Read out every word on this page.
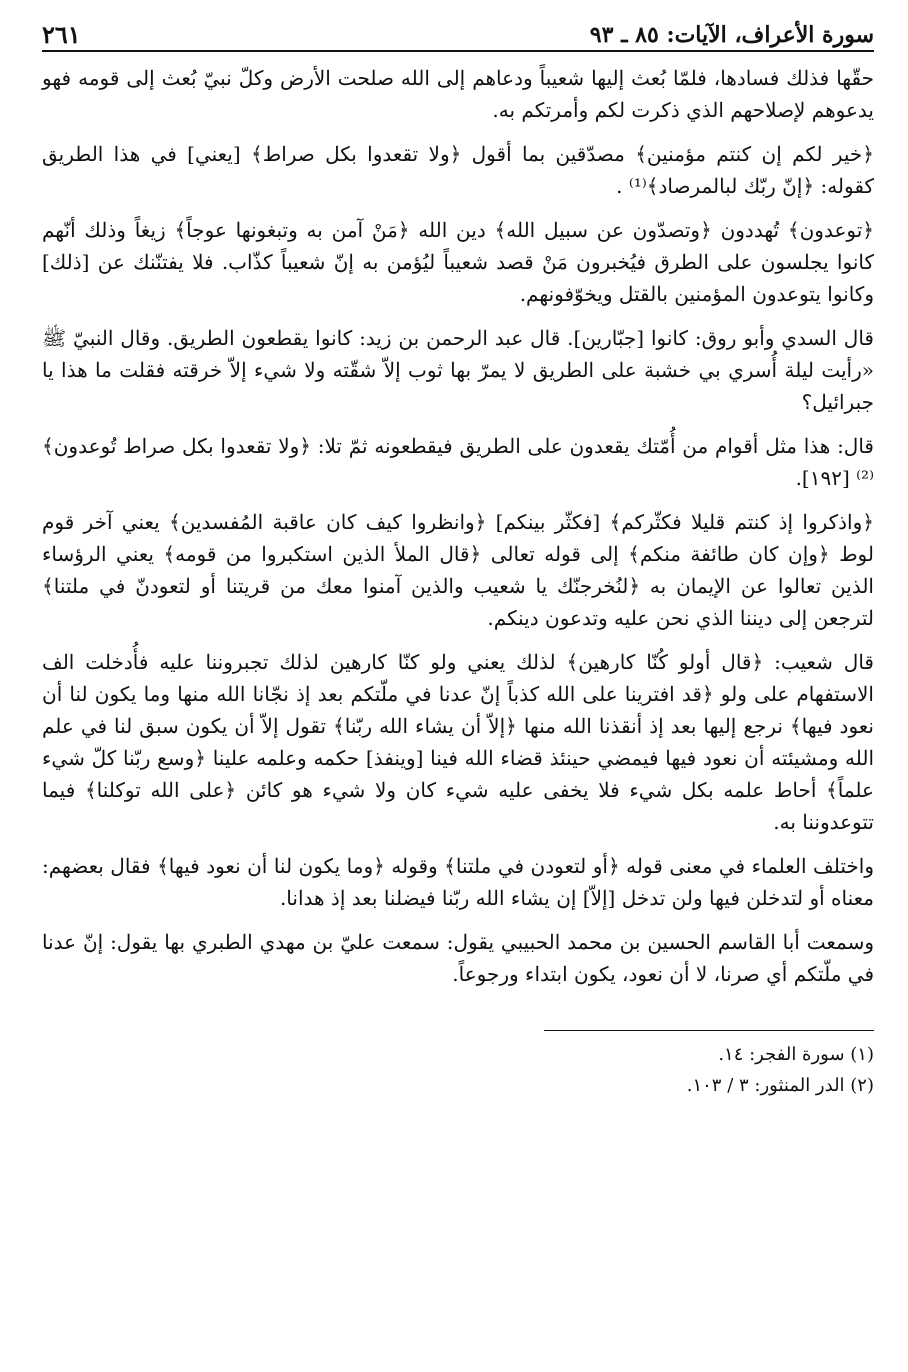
سورة الأعراف، الآيات: ٨٥ ـ ٩٣
٢٦١

حقّها فذلك فسادها، فلمّا بُعث إليها شعيباً ودعاهم إلى الله صلحت الأرض وكلّ نبيّ بُعث إلى قومه فهو يدعوهم لإصلاحهم الذي ذكرت لكم وأمرتكم به.

﴿خير لكم إن كنتم مؤمنين﴾ مصدّقين بما أقول ﴿ولا تقعدوا بكل صراط﴾ [يعني] في هذا الطريق كقوله: ﴿إنّ ربّك لبالمرصاد﴾⁽¹⁾ .

﴿توعدون﴾ تُهددون ﴿وتصدّون عن سبيل الله﴾ دين الله ﴿مَنْ آمن به وتبغونها عوجاً﴾ زيغاً وذلك أنّهم كانوا يجلسون على الطرق فيُخبرون مَنْ قصد شعيباً ليُؤمن به إنّ شعيباً كذّاب. فلا يفتنّنك عن [ذلك] وكانوا يتوعدون المؤمنين بالقتل ويخوّفونهم.

قال السدي وأبو روق: كانوا [جبّارين]. قال عبد الرحمن بن زيد: كانوا يقطعون الطريق. وقال النبيّ ﷺ «رأيت ليلة أُسري بي خشبة على الطريق لا يمرّ بها ثوب إلاّ شقّته ولا شيء إلاّ خرقته فقلت ما هذا يا جبرائيل؟

قال: هذا مثل أقوام من أُمّتك يقعدون على الطريق فيقطعونه ثمّ تلا: ﴿ولا تقعدوا بكل صراط تُوعدون﴾⁽²⁾ [١٩٢].

﴿واذكروا إذ كنتم قليلا فكثّركم﴾ [فكثّر بينكم] ﴿وانظروا كيف كان عاقبة المُفسدين﴾ يعني آخر قوم لوط ﴿وإن كان طائفة منكم﴾ إلى قوله تعالى ﴿قال الملأ الذين استكبروا من قومه﴾ يعني الرؤساء الذين تعالوا عن الإيمان به ﴿لنُخرجنّك يا شعيب والذين آمنوا معك من قريتنا أو لتعودنّ في ملتنا﴾ لترجعن إلى ديننا الذي نحن عليه وتدعون دينكم.

قال شعيب: ﴿قال أولو كُنّا كارهين﴾ لذلك يعني ولو كنّا كارهين لذلك تجبروننا عليه فأُدخلت الف الاستفهام على ولو ﴿قد افترينا على الله كذباً إنّ عدنا في ملّتكم بعد إذ نجّانا الله منها وما يكون لنا أن نعود فيها﴾ نرجع إليها بعد إذ أنقذنا الله منها ﴿إلاّ أن يشاء الله ربّنا﴾ تقول إلاّ أن يكون سبق لنا في علم الله ومشيئته أن نعود فيها فيمضي حينئذ قضاء الله فينا [وينفذ] حكمه وعلمه علينا ﴿وسع ربّنا كلّ شيء علماً﴾ أحاط علمه بكل شيء فلا يخفى عليه شيء كان ولا شيء هو كائن ﴿على الله توكلنا﴾ فيما تتوعدوننا به.

واختلف العلماء في معنى قوله ﴿أو لتعودن في ملتنا﴾ وقوله ﴿وما يكون لنا أن نعود فيها﴾ فقال بعضهم: معناه أو لتدخلن فيها ولن تدخل [إلاّ] إن يشاء الله ربّنا فيضلنا بعد إذ هدانا.

وسمعت أبا القاسم الحسين بن محمد الحبيبي يقول: سمعت عليّ بن مهدي الطبري بها يقول: إنّ عدنا في ملّتكم أي صرنا، لا أن نعود، يكون ابتداء ورجوعاً.

(١) سورة الفجر: ١٤.
(٢) الدر المنثور: ٣ / ١٠٣.
